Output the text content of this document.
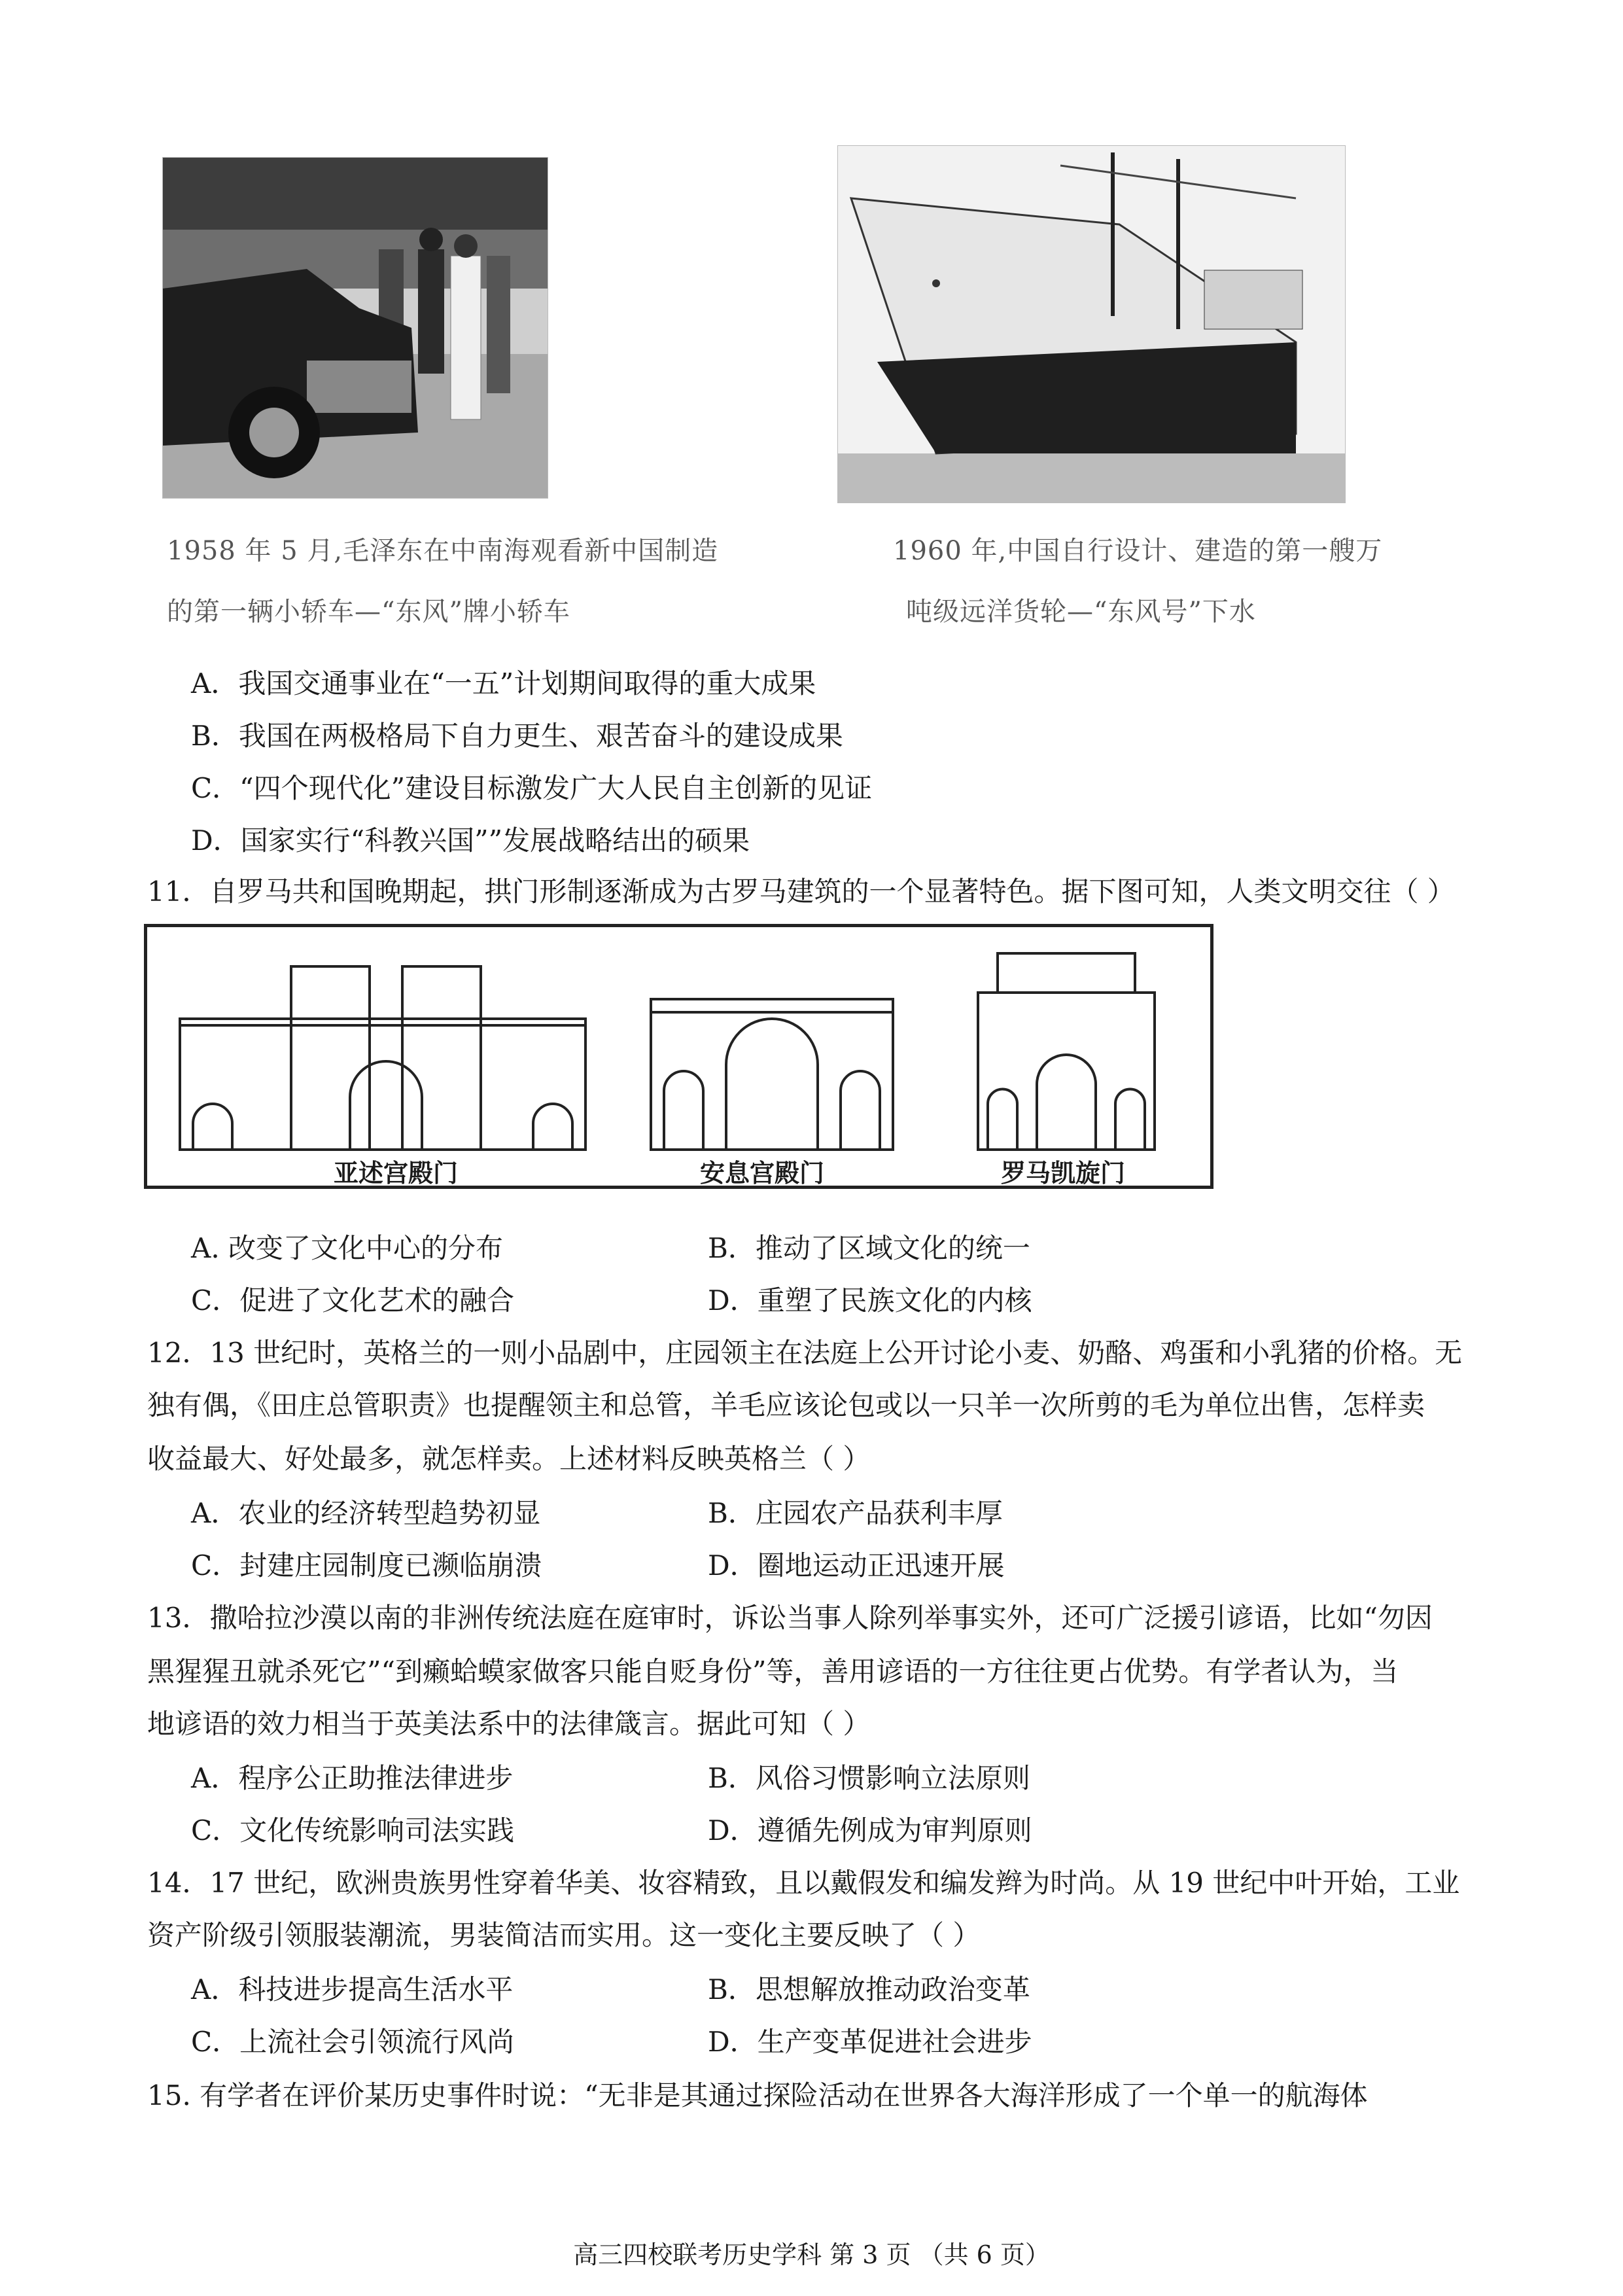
1958 年 5 月,毛泽东在中南海观看新中国制造
的第一辆小轿车—“东风”牌小轿车
1960 年,中国自行设计、建造的第一艘万
吨级远洋货轮—“东风号”下水
A．我国交通事业在“一五”计划期间取得的重大成果
B．我国在两极格局下自力更生、艰苦奋斗的建设成果
C．“四个现代化”建设目标激发广大人民自主创新的见证
D．国家实行“科教兴国””发展战略结出的硕果
11．自罗马共和国晚期起，拱门形制逐渐成为古罗马建筑的一个显著特色。据下图可知，人类文明交往（ ）
亚述宫殿门	安息宫殿门	罗马凯旋门
A. 改变了文化中心的分布	B．推动了区域文化的统一
C．促进了文化艺术的融合	D．重塑了民族文化的内核
12．13 世纪时，英格兰的一则小品剧中，庄园领主在法庭上公开讨论小麦、奶酪、鸡蛋和小乳猪的价格。无
独有偶，《田庄总管职责》也提醒领主和总管，羊毛应该论包或以一只羊一次所剪的毛为单位出售，怎样卖
收益最大、好处最多，就怎样卖。上述材料反映英格兰（ ）
A．农业的经济转型趋势初显	B．庄园农产品获利丰厚
C．封建庄园制度已濒临崩溃	D．圈地运动正迅速开展
13．撒哈拉沙漠以南的非洲传统法庭在庭审时，诉讼当事人除列举事实外，还可广泛援引谚语，比如“勿因
黑猩猩丑就杀死它”“到癞蛤蟆家做客只能自贬身份”等，善用谚语的一方往往更占优势。有学者认为，当
地谚语的效力相当于英美法系中的法律箴言。据此可知（ ）
A．程序公正助推法律进步	B．风俗习惯影响立法原则
C．文化传统影响司法实践	D．遵循先例成为审判原则
14．17 世纪，欧洲贵族男性穿着华美、妆容精致，且以戴假发和编发辫为时尚。从 19 世纪中叶开始，工业
资产阶级引领服装潮流，男装简洁而实用。这一变化主要反映了（ ）
A．科技进步提高生活水平	B．思想解放推动政治变革
C．上流社会引领流行风尚	D．生产变革促进社会进步
15. 有学者在评价某历史事件时说：“无非是其通过探险活动在世界各大海洋形成了一个单一的航海体
高三四校联考历史学科 第 3 页 （共 6 页）
